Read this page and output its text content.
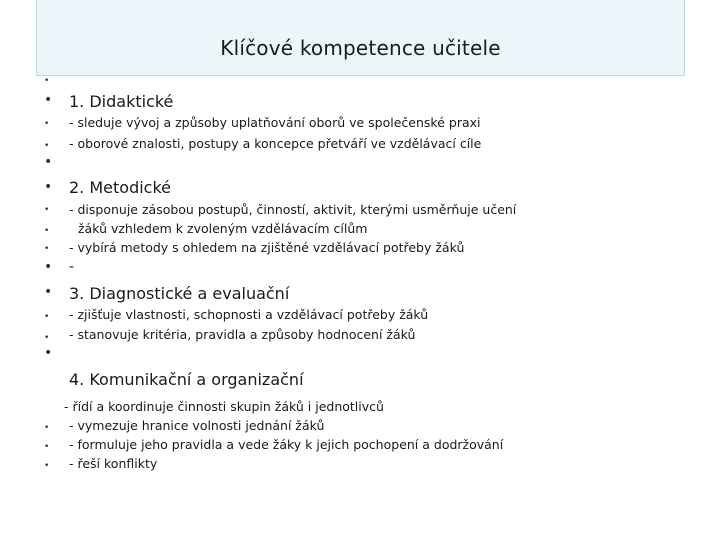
Klíčové kompetence učitele
•
• 1. Didaktické
• - sleduje vývoj a způsoby uplatňování oborů ve společenské praxi
• - oborové znalosti, postupy a koncepce přetváří ve vzdělávací cíle
•
• 2. Metodické
• - disponuje zásobou postupů, činností, aktivit, kterými usměrňuje učení
• žáků vzhledem k zvoleným vzdělávacím cílům
• - vybírá metody s ohledem na zjištěné vzdělávací potřeby žáků
• -
• 3. Diagnostické a evaluační
• - zjišťuje vlastnosti, schopnosti a vzdělávací potřeby žáků
• - stanovuje kritéria, pravidla a způsoby hodnocení žáků
•
4. Komunikační a organizační
- řídí a koordinuje činnosti skupin žáků i jednotlivců
• - vymezuje hranice volnosti jednání žáků
• - formuluje jeho pravidla a vede žáky k jejich pochopení a dodržování
• - řeší konflikty
